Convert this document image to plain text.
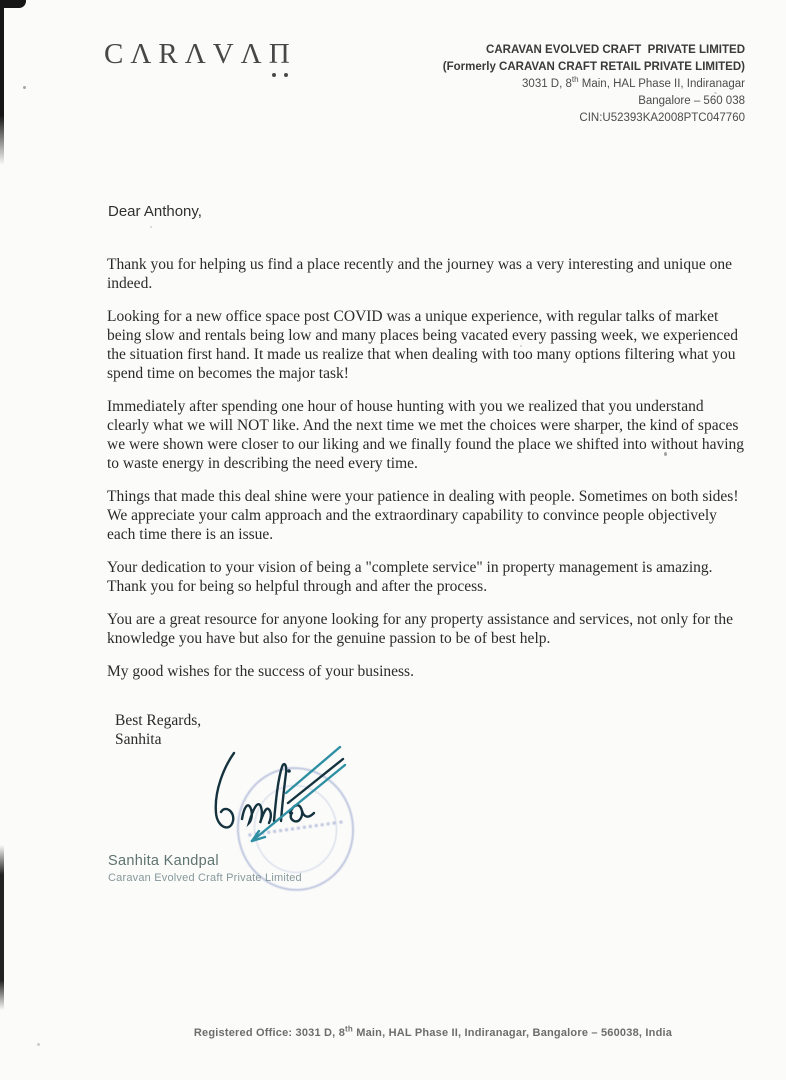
CΛRΛVΛΠ	CARAVAN EVOLVED CRAFT  PRIVATE LIMITED
(Formerly CARAVAN CRAFT RETAIL PRIVATE LIMITED)
3031 D, 8th Main, HAL Phase II, Indiranagar
Bangalore – 560 038
CIN:U52393KA2008PTC047760
Dear Anthony,

Thank you for helping us find a place recently and the journey was a very interesting and unique one indeed.

Looking for a new office space post COVID was a unique experience, with regular talks of market being slow and rentals being low and many places being vacated every passing week, we experienced the situation first hand. It made us realize that when dealing with too many options filtering what you spend time on becomes the major task!

Immediately after spending one hour of house hunting with you we realized that you understand clearly what we will NOT like. And the next time we met the choices were sharper, the kind of spaces we were shown were closer to our liking and we finally found the place we shifted into without having to waste energy in describing the need every time.

Things that made this deal shine were your patience in dealing with people. Sometimes on both sides! We appreciate your calm approach and the extraordinary capability to convince people objectively each time there is an issue.

Your dedication to your vision of being a "complete service" in property management is amazing. Thank you for being so helpful through and after the process.

You are a great resource for anyone looking for any property assistance and services, not only for the knowledge you have but also for the genuine passion to be of best help.

My good wishes for the success of your business.

Best Regards,
Sanhita
Sanhita Kandpal
Caravan Evolved Craft Private Limited
Registered Office: 3031 D, 8th Main, HAL Phase II, Indiranagar, Bangalore – 560038, India
